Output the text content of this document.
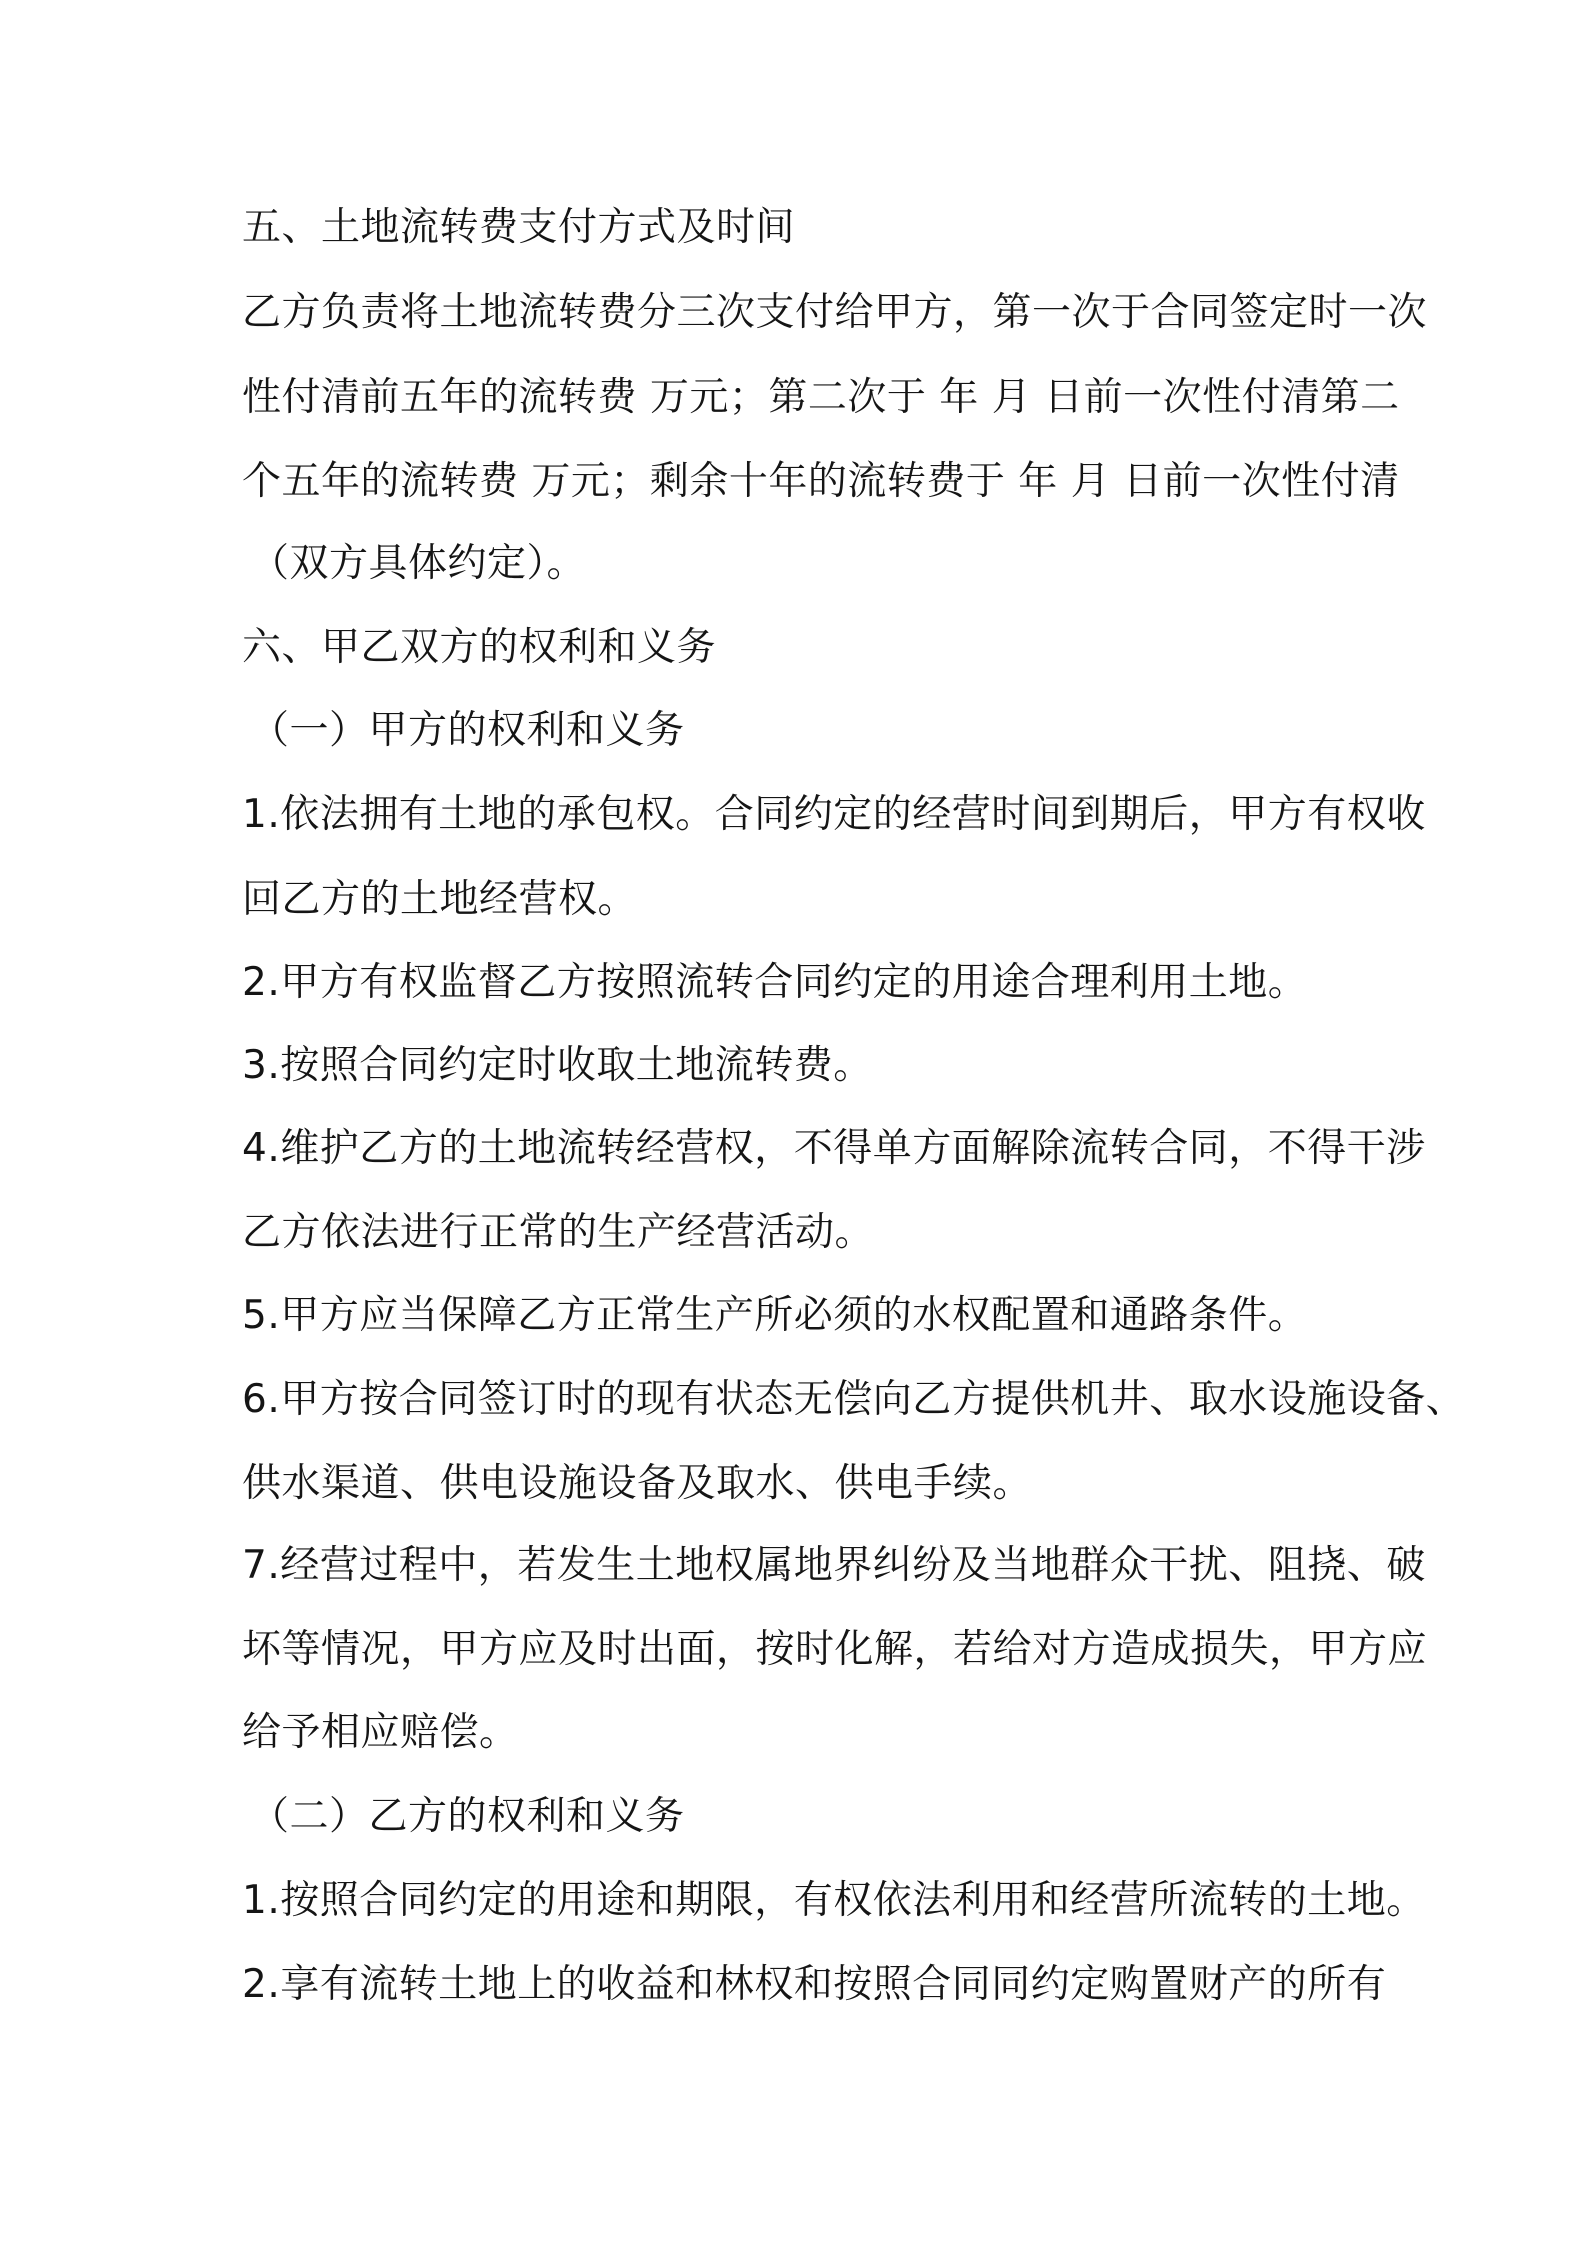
五、土地流转费支付方式及时间

乙方负责将土地流转费分三次支付给甲方，第一次于合同签定时一次

性付清前五年的流转费 万元；第二次于 年 月 日前一次性付清第二

个五年的流转费 万元；剩余十年的流转费于 年 月 日前一次性付清

（双方具体约定）。

六、甲乙双方的权利和义务

（一）甲方的权利和义务

1.依法拥有土地的承包权。合同约定的经营时间到期后，甲方有权收

回乙方的土地经营权。

2.甲方有权监督乙方按照流转合同约定的用途合理利用土地。

3.按照合同约定时收取土地流转费。

4.维护乙方的土地流转经营权，不得单方面解除流转合同，不得干涉

乙方依法进行正常的生产经营活动。

5.甲方应当保障乙方正常生产所必须的水权配置和通路条件。

6.甲方按合同签订时的现有状态无偿向乙方提供机井、取水设施设备、

供水渠道、供电设施设备及取水、供电手续。

7.经营过程中，若发生土地权属地界纠纷及当地群众干扰、阻挠、破

坏等情况，甲方应及时出面，按时化解，若给对方造成损失，甲方应

给予相应赔偿。

（二）乙方的权利和义务

1.按照合同约定的用途和期限，有权依法利用和经营所流转的土地。

2.享有流转土地上的收益和林权和按照合同同约定购置财产的所有
